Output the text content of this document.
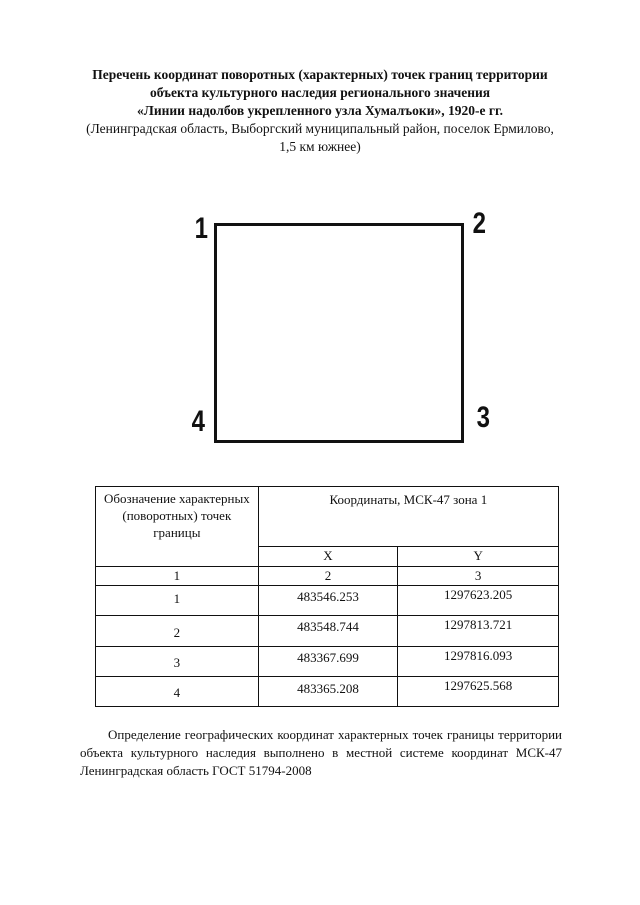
Перечень координат поворотных (характерных) точек границ территории
объекта культурного наследия регионального значения
«Линии надолбов укрепленного узла Хумалъоки», 1920-е гг.
(Ленинградская область, Выборгский муниципальный район, поселок Ермилово,
1,5 км южнее)
1	2
3
4
Обозначение характерных (поворотных) точек границы	Координаты, МСК-47 зона 1	
	X	Y
1	2	3
1	483546.253	1297623.205
2	483548.744	1297813.721
3	483367.699	1297816.093
4	483365.208	1297625.568

Определение географических координат характерных точек границы территории объекта культурного наследия выполнено в местной системе координат МСК-47 Ленинградская область ГОСТ 51794-2008
